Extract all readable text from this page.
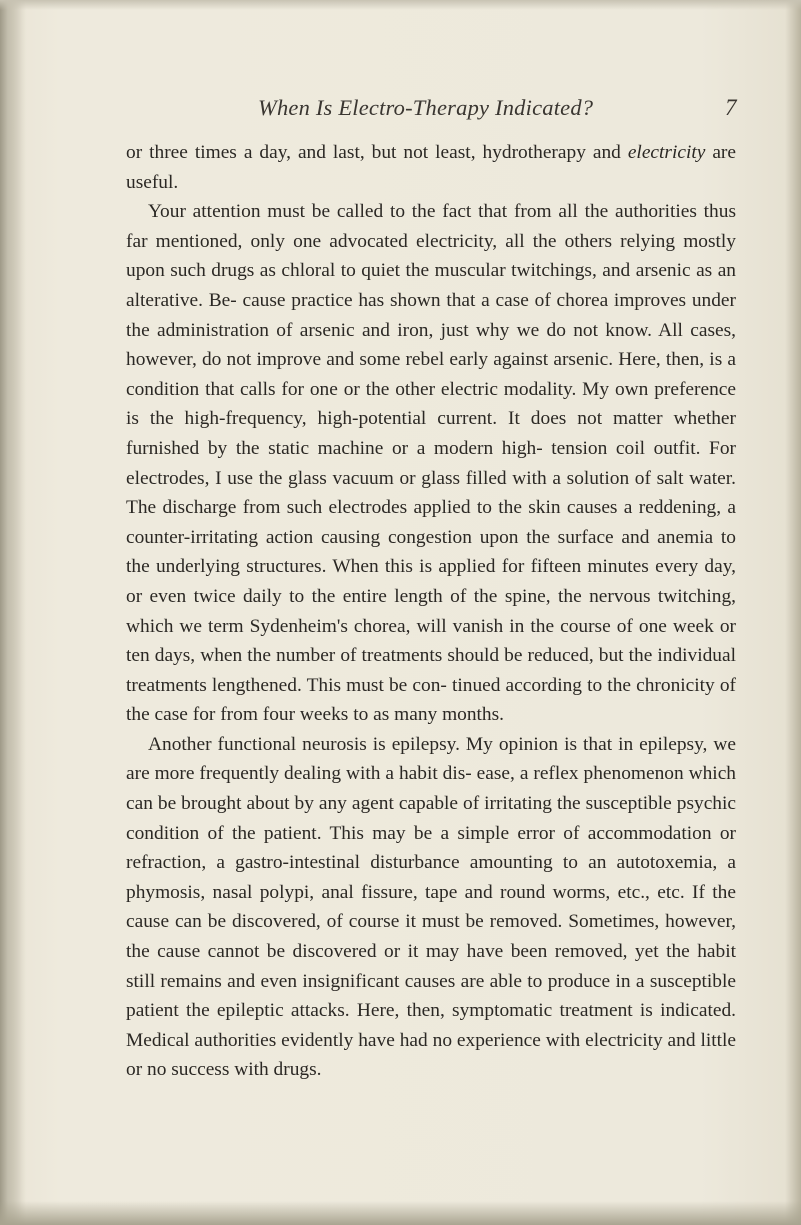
When Is Electro-Therapy Indicated?	7

or three times a day, and last, but not least, hydrotherapy and electricity are useful.

Your attention must be called to the fact that from all the authorities thus far mentioned, only one advocated electricity, all the others relying mostly upon such drugs as chloral to quiet the muscular twitchings, and arsenic as an alterative. Be- cause practice has shown that a case of chorea improves under the administration of arsenic and iron, just why we do not know. All cases, however, do not improve and some rebel early against arsenic. Here, then, is a condition that calls for one or the other electric modality. My own preference is the high-frequency, high-potential current. It does not matter whether furnished by the static machine or a modern high- tension coil outfit. For electrodes, I use the glass vacuum or glass filled with a solution of salt water. The discharge from such electrodes applied to the skin causes a reddening, a counter-irritating action causing congestion upon the surface and anemia to the underlying structures. When this is applied for fifteen minutes every day, or even twice daily to the entire length of the spine, the nervous twitching, which we term Sydenheim's chorea, will vanish in the course of one week or ten days, when the number of treatments should be reduced, but the individual treatments lengthened. This must be con- tinued according to the chronicity of the case for from four weeks to as many months.

Another functional neurosis is epilepsy. My opinion is that in epilepsy, we are more frequently dealing with a habit dis- ease, a reflex phenomenon which can be brought about by any agent capable of irritating the susceptible psychic condition of the patient. This may be a simple error of accommodation or refraction, a gastro-intestinal disturbance amounting to an autotoxemia, a phymosis, nasal polypi, anal fissure, tape and round worms, etc., etc. If the cause can be discovered, of course it must be removed. Sometimes, however, the cause cannot be discovered or it may have been removed, yet the habit still remains and even insignificant causes are able to produce in a susceptible patient the epileptic attacks. Here, then, symptomatic treatment is indicated. Medical authorities evidently have had no experience with electricity and little or no success with drugs.
